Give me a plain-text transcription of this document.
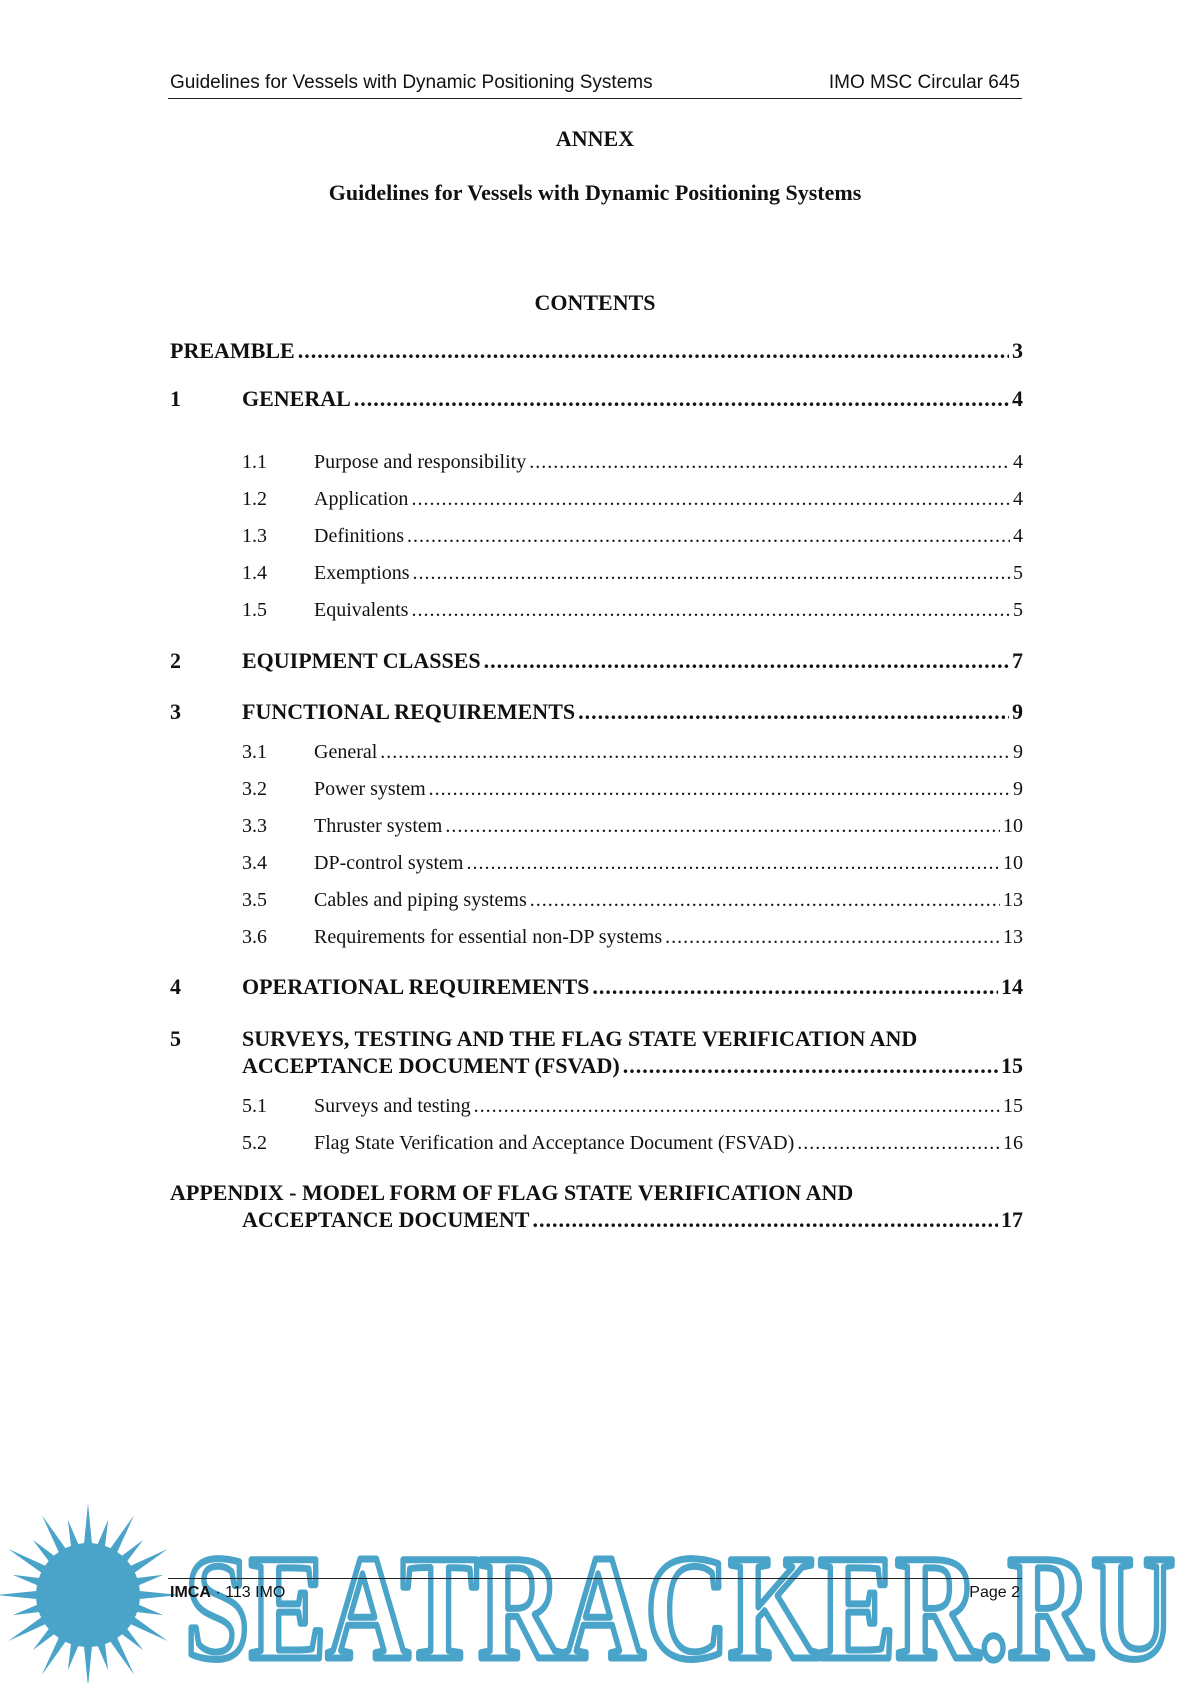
Guidelines for Vessels with Dynamic Positioning Systems	IMO MSC Circular 645
ANNEX
Guidelines for Vessels with Dynamic Positioning Systems
CONTENTS
PREAMBLE .....	3
1	GENERAL .....	4
1.1 Purpose and responsibility .....	4
1.2 Application .....	4
1.3 Definitions .....	4
1.4 Exemptions .....	5
1.5 Equivalents .....	5
2	EQUIPMENT CLASSES .....	7
3	FUNCTIONAL REQUIREMENTS .....	9
3.1 General .....	9
3.2 Power system .....	9
3.3 Thruster system .....	10
3.4 DP-control system .....	10
3.5 Cables and piping systems .....	13
3.6 Requirements for essential non-DP systems .....	13
4	OPERATIONAL REQUIREMENTS .....	14
5	SURVEYS, TESTING AND THE FLAG STATE VERIFICATION AND
ACCEPTANCE DOCUMENT (FSVAD) .....	15
5.1 Surveys and testing .....	15
5.2 Flag State Verification and Acceptance Document (FSVAD) .....	16
APPENDIX - MODEL FORM OF FLAG STATE VERIFICATION AND
ACCEPTANCE DOCUMENT .....	17
SEATRACKER.RU
IMCA · 113 IMO	Page 2
